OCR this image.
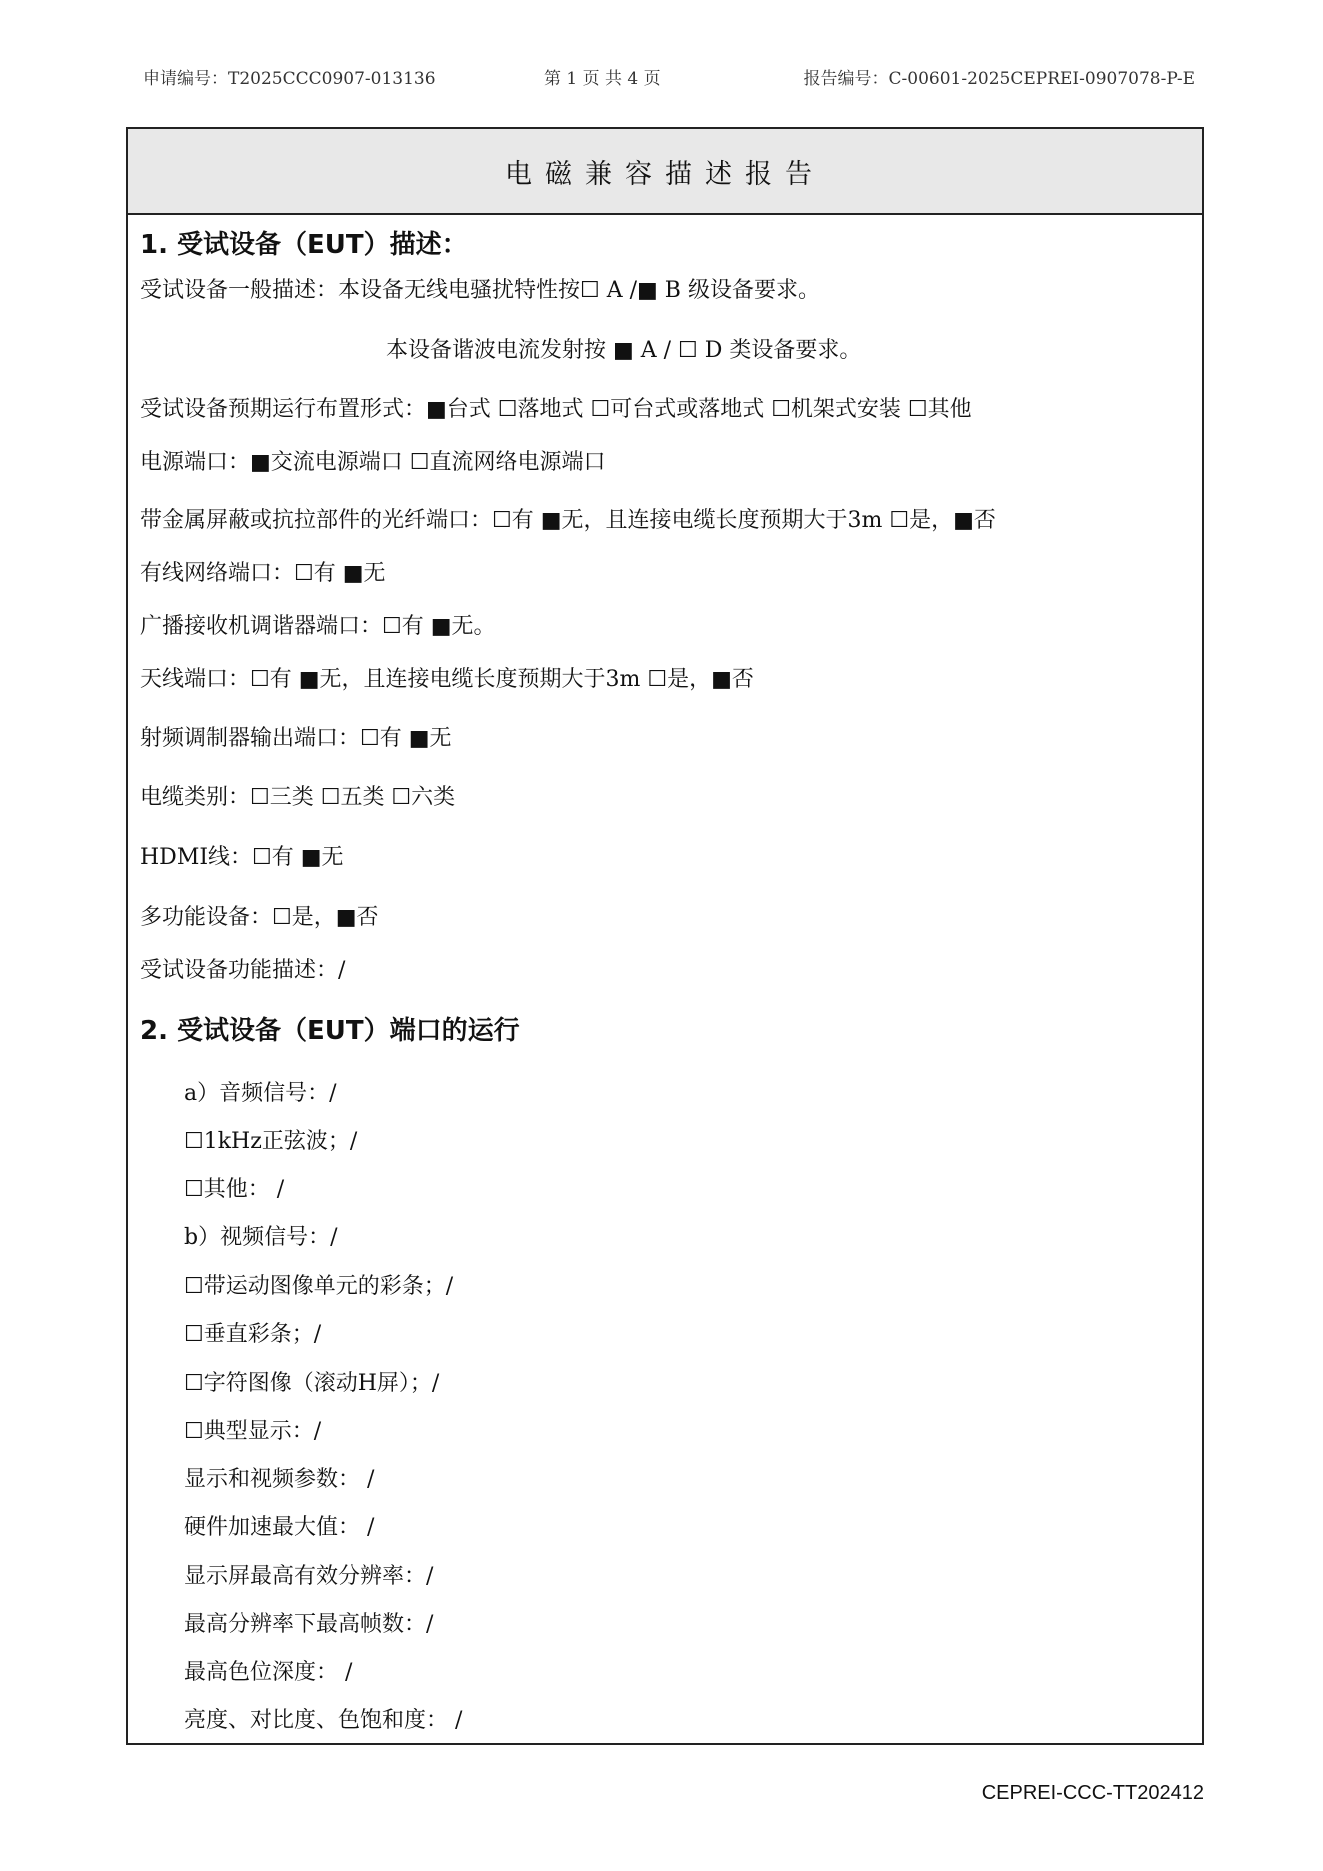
申请编号：T2025CCC0907-013136	第 1 页 共 4 页	报告编号：C-00601-2025CEPREI-0907078-P-E
电磁兼容描述报告
1. 受试设备（EUT）描述：
受试设备一般描述：本设备无线电骚扰特性按☐ A /■ B 级设备要求。
本设备谐波电流发射按 ■ A / ☐ D 类设备要求。
受试设备预期运行布置形式：■台式 ☐落地式 ☐可台式或落地式 ☐机架式安装 ☐其他
电源端口：■交流电源端口 ☐直流网络电源端口
带金属屏蔽或抗拉部件的光纤端口：☐有 ■无，且连接电缆长度预期大于3m ☐是，■否
有线网络端口：☐有 ■无
广播接收机调谐器端口：☐有 ■无。
天线端口：☐有 ■无，且连接电缆长度预期大于3m ☐是，■否
射频调制器输出端口：☐有 ■无
电缆类别：☐三类 ☐五类 ☐六类
HDMI线：☐有 ■无
多功能设备：☐是，■否
受试设备功能描述：/
2. 受试设备（EUT）端口的运行
a）音频信号：/
☐1kHz正弦波；/
☐其他： /
b）视频信号：/
☐带运动图像单元的彩条；/
☐垂直彩条；/
☐字符图像（滚动H屏）；/
☐典型显示：/
显示和视频参数： /
硬件加速最大值： /
显示屏最高有效分辨率：/
最高分辨率下最高帧数：/
最高色位深度： /
亮度、对比度、色饱和度： /
CEPREI-CCC-TT202412
